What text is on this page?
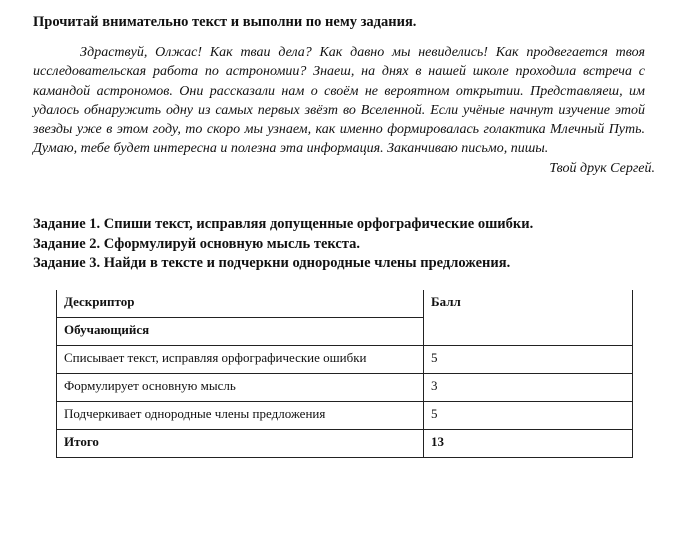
Прочитай внимательно текст и выполни по нему задания.

Здраствуй, Олжас! Как тваи дела? Как давно мы невиделись! Как продвегается твоя исследовательская работа по астрономии? Знаеш, на днях в нашей школе проходила встреча с камандой астрономов. Они рассказали нам о своём не вероятном открытии. Представляеш, им удалось обнаружить одну из самых первых звёзт во Вселенной. Если учёные начнут изучение этой звезды уже в этом году, то скоро мы узнаем, как именно формировалась голактика Млечный Путь. Думаю, тебе будет интересна и полезна эта информация. Заканчиваю письмо, пишы.

Твой друк Сергей.
Задание 1. Спиши текст, исправляя допущенные орфографические ошибки.
Задание 2. Сформулируй основную мысль текста.
Задание 3. Найди в тексте и подчеркни однородные члены предложения.
Дескриптор	Балл
Обучающийся	
Списывает текст, исправляя орфографические ошибки	5
Формулирует основную мысль	3
Подчеркивает однородные члены предложения	5
Итого	13
